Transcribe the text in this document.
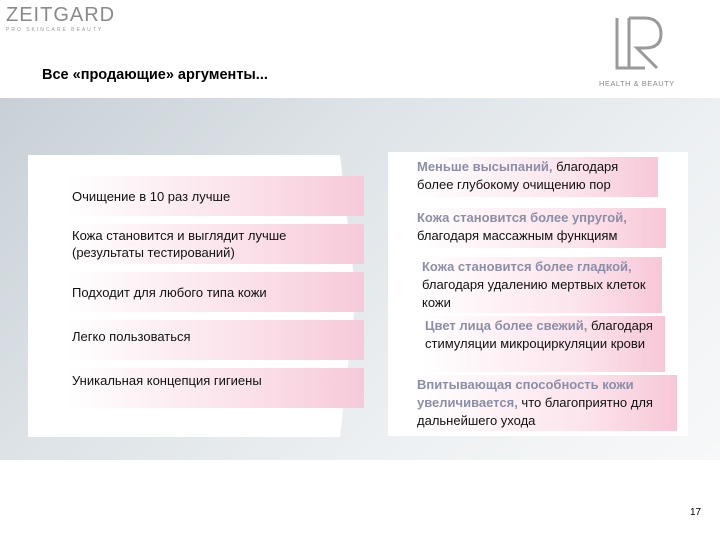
ZEITGARD
PRO SKINCARE BEAUTY
Все «продающие» аргументы...
HEALTH & BEAUTY
Очищение в 10 раз лучше
Кожа становится и выглядит лучше (результаты тестирований)
Подходит для любого типа кожи
Легко пользоваться
Уникальная концепция гигиены
Меньше высыпаний, благодаря более глубокому очищению пор
Кожа становится более упругой, благодаря массажным функциям
Кожа становится более гладкой, благодаря удалению мертвых клеток кожи
Цвет лица более свежий, благодаря стимуляции микроциркуляции крови
Впитывающая способность кожи увеличивается, что благоприятно для дальнейшего ухода
17
